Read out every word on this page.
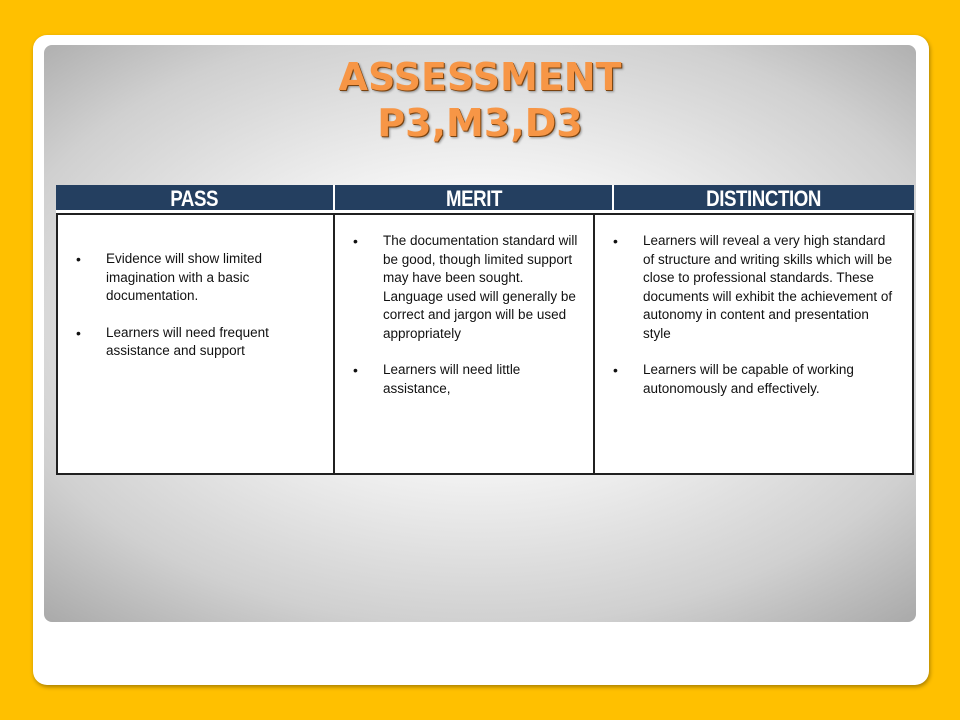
ASSESSMENT
P3,M3,D3
PASS	MERIT	DISTINCTION
• Evidence will show limited imagination with a basic documentation.
• Learners will need frequent assistance and support
• The documentation standard will be good, though limited support may have been sought. Language used will generally be correct and jargon will be used appropriately
• Learners will need little assistance,
• Learners will reveal a very high standard of structure and writing skills which will be close to professional standards. These documents will exhibit the achievement of autonomy in content and presentation style
• Learners will be capable of working autonomously and effectively.
